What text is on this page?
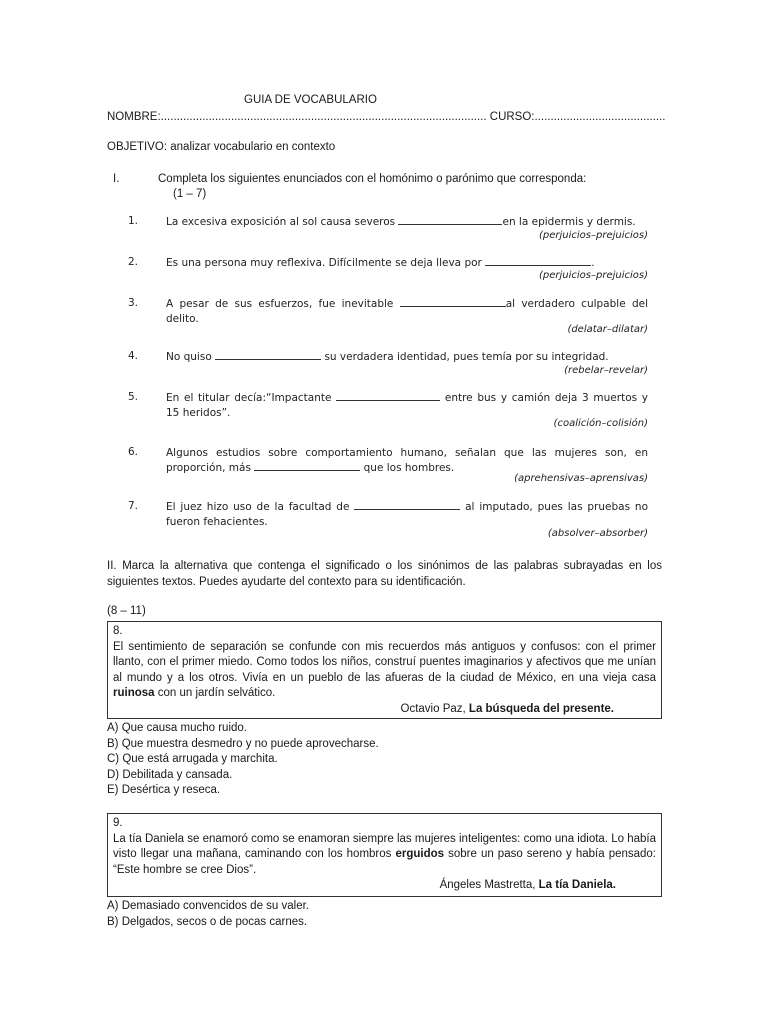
GUIA DE VOCABULARIO
NOMBRE:...................................................................................................... CURSO:.........................................
OBJETIVO: analizar vocabulario en contexto
I.	Completa los siguientes enunciados con el homónimo o parónimo que corresponda:
(1 – 7)
1.	La excesiva exposición al sol causa severos	en la epidermis y dermis.
(perjuicios–prejuicios)
2.	Es una persona muy reflexiva. Difícilmente se deja lleva por	.
(perjuicios–prejuicios)
3.	A pesar de sus esfuerzos, fue inevitable	al verdadero culpable del delito.
(delatar–dilatar)
4.	No quiso	su verdadera identidad, pues temía por su integridad.
(rebelar–revelar)
5.	En el titular decía:“Impactante	entre bus y camión deja 3 muertos y 15 heridos”.
(coalición–colisión)
6.	Algunos estudios sobre comportamiento humano, señalan que las mujeres son, en proporción, más	que los hombres.
(aprehensivas–aprensivas)
7.	El juez hizo uso de la facultad de	al imputado, pues las pruebas no fueron fehacientes.
(absolver–absorber)
II. Marca la alternativa que contenga el significado o los sinónimos de las palabras subrayadas en los siguientes textos. Puedes ayudarte del contexto para su identificación.
(8 – 11)
8.
El sentimiento de separación se confunde con mis recuerdos más antiguos y confusos: con el primer llanto, con el primer miedo. Como todos los niños, construí puentes imaginarios y afectivos que me unían al mundo y a los otros. Vivía en un pueblo de las afueras de la ciudad de México, en una vieja casa ruinosa con un jardín selvático.
Octavio Paz, La búsqueda del presente.
A) Que causa mucho ruido.
B) Que muestra desmedro y no puede aprovecharse.
C) Que está arrugada y marchita.
D) Debilitada y cansada.
E) Desértica y reseca.
9.
La tía Daniela se enamoró como se enamoran siempre las mujeres inteligentes: como una idiota. Lo había visto llegar una mañana, caminando con los hombros erguidos sobre un paso sereno y había pensado: “Este hombre se cree Dios”.
Ángeles Mastretta, La tía Daniela.
A) Demasiado convencidos de su valer.
B) Delgados, secos o de pocas carnes.
